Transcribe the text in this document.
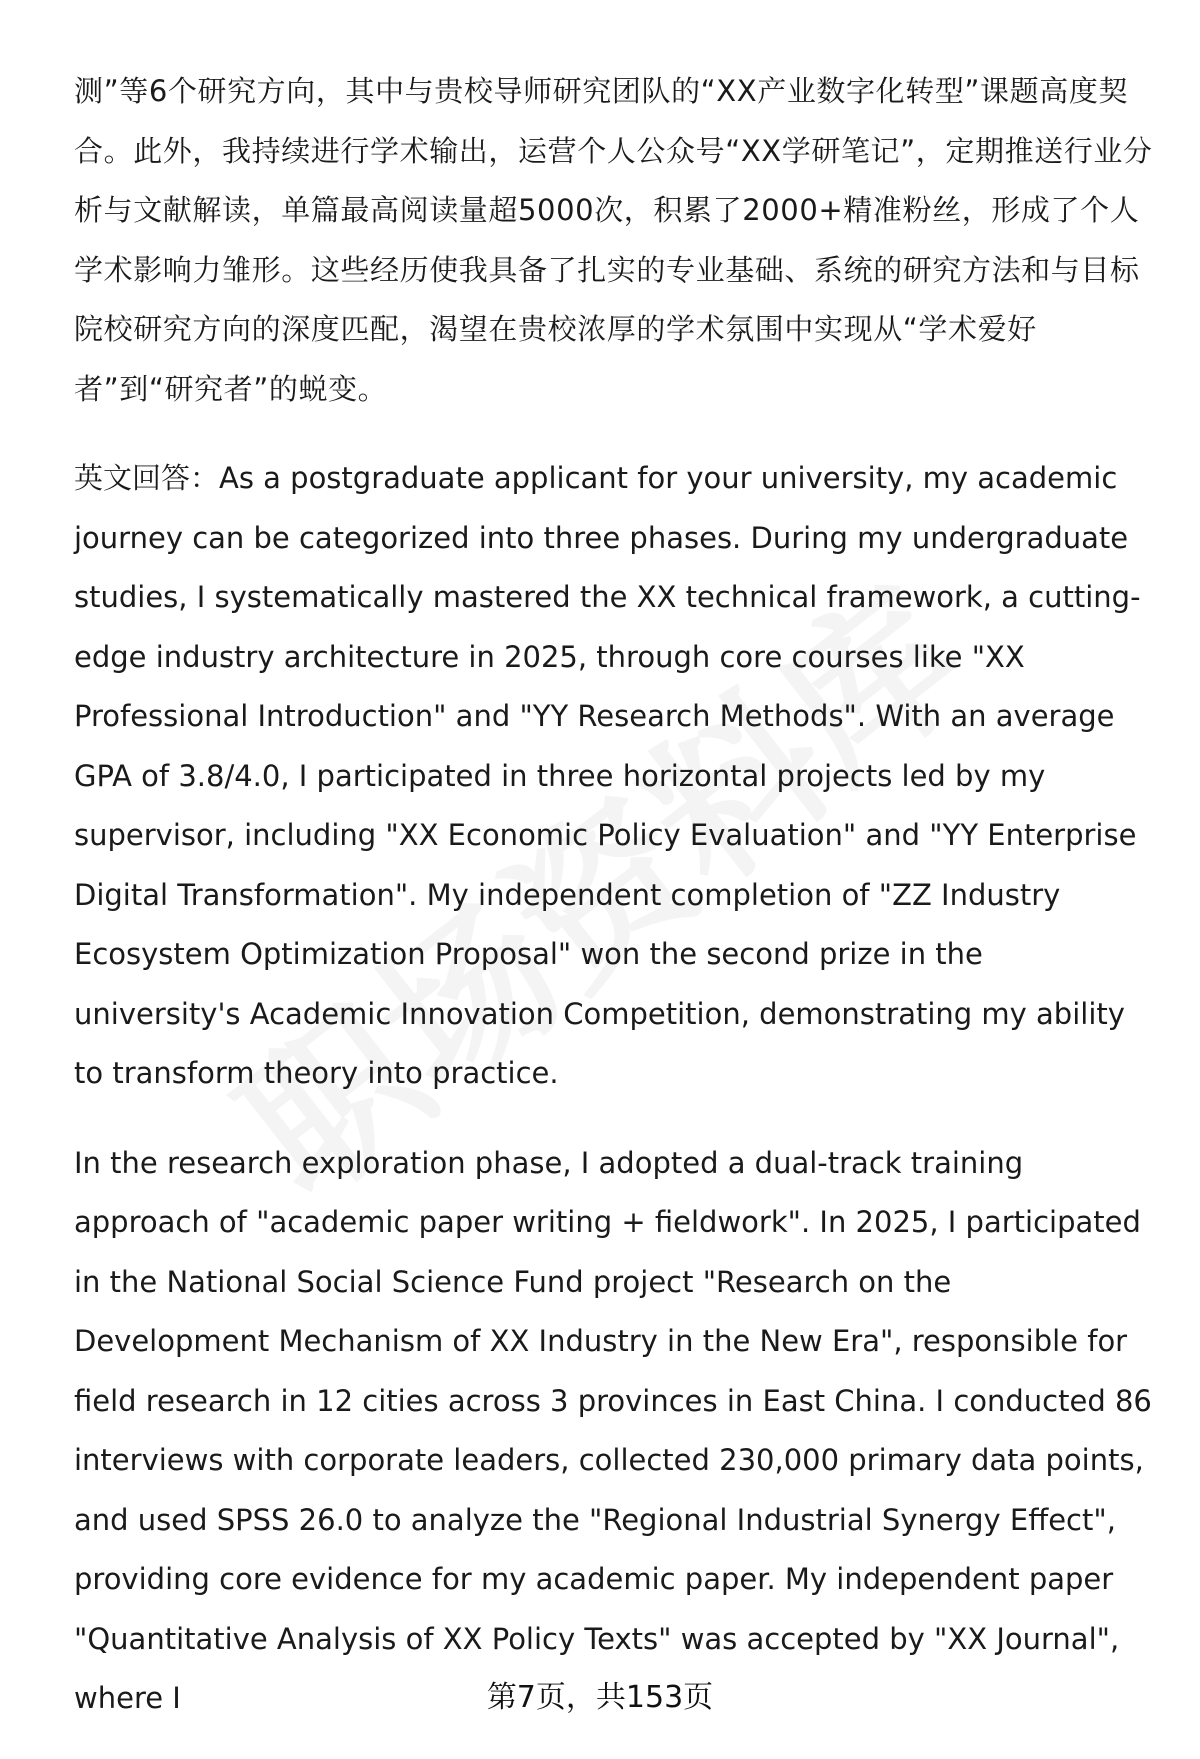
测”等6个研究方向，其中与贵校导师研究团队的“XX产业数字化转型”课题高度契合。此外，我持续进行学术输出，运营个人公众号“XX学研笔记”，定期推送行业分析与文献解读，单篇最高阅读量超5000次，积累了2000+精准粉丝，形成了个人学术影响力雏形。这些经历使我具备了扎实的专业基础、系统的研究方法和与目标院校研究方向的深度匹配，渴望在贵校浓厚的学术氛围中实现从“学术爱好者”到“研究者”的蜕变。

英文回答：As a postgraduate applicant for your university, my academic journey can be categorized into three phases. During my undergraduate studies, I systematically mastered the XX technical framework, a cutting-edge industry architecture in 2025, through core courses like "XX Professional Introduction" and "YY Research Methods". With an average GPA of 3.8/4.0, I participated in three horizontal projects led by my supervisor, including "XX Economic Policy Evaluation" and "YY Enterprise Digital Transformation". My independent completion of "ZZ Industry Ecosystem Optimization Proposal" won the second prize in the university's Academic Innovation Competition, demonstrating my ability to transform theory into practice.

In the research exploration phase, I adopted a dual-track training approach of "academic paper writing + fieldwork". In 2025, I participated in the National Social Science Fund project "Research on the Development Mechanism of XX Industry in the New Era", responsible for field research in 12 cities across 3 provinces in East China. I conducted 86 interviews with corporate leaders, collected 230,000 primary data points, and used SPSS 26.0 to analyze the "Regional Industrial Synergy Effect", providing core evidence for my academic paper. My independent paper "Quantitative Analysis of XX Policy Texts" was accepted by "XX Journal", where I	第7页，共153页
